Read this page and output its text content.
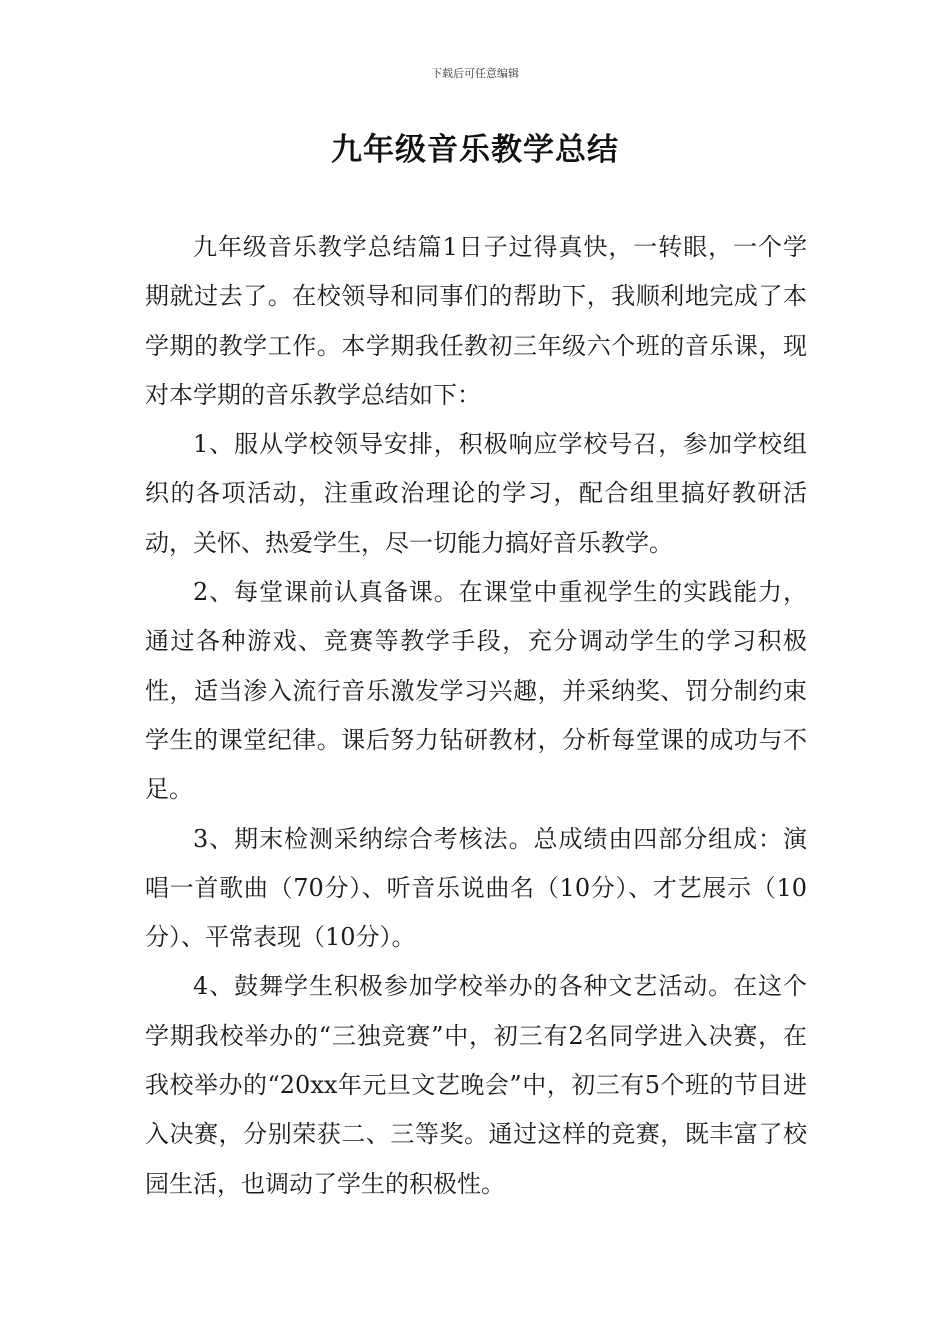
下载后可任意编辑
九年级音乐教学总结

九年级音乐教学总结篇1日子过得真快，一转眼，一个学期就过去了。在校领导和同事们的帮助下，我顺利地完成了本学期的教学工作。本学期我任教初三年级六个班的音乐课，现对本学期的音乐教学总结如下：

1、服从学校领导安排，积极响应学校号召，参加学校组织的各项活动，注重政治理论的学习，配合组里搞好教研活动，关怀、热爱学生，尽一切能力搞好音乐教学。

2、每堂课前认真备课。在课堂中重视学生的实践能力，通过各种游戏、竞赛等教学手段，充分调动学生的学习积极性，适当渗入流行音乐激发学习兴趣，并采纳奖、罚分制约束学生的课堂纪律。课后努力钻研教材，分析每堂课的成功与不足。

3、期末检测采纳综合考核法。总成绩由四部分组成：演唱一首歌曲（70分）、听音乐说曲名（10分）、才艺展示（10分）、平常表现（10分）。

4、鼓舞学生积极参加学校举办的各种文艺活动。在这个学期我校举办的“三独竞赛”中，初三有2名同学进入决赛，在我校举办的“20xx年元旦文艺晚会”中，初三有5个班的节目进入决赛，分别荣获二、三等奖。通过这样的竞赛，既丰富了校园生活，也调动了学生的积极性。
